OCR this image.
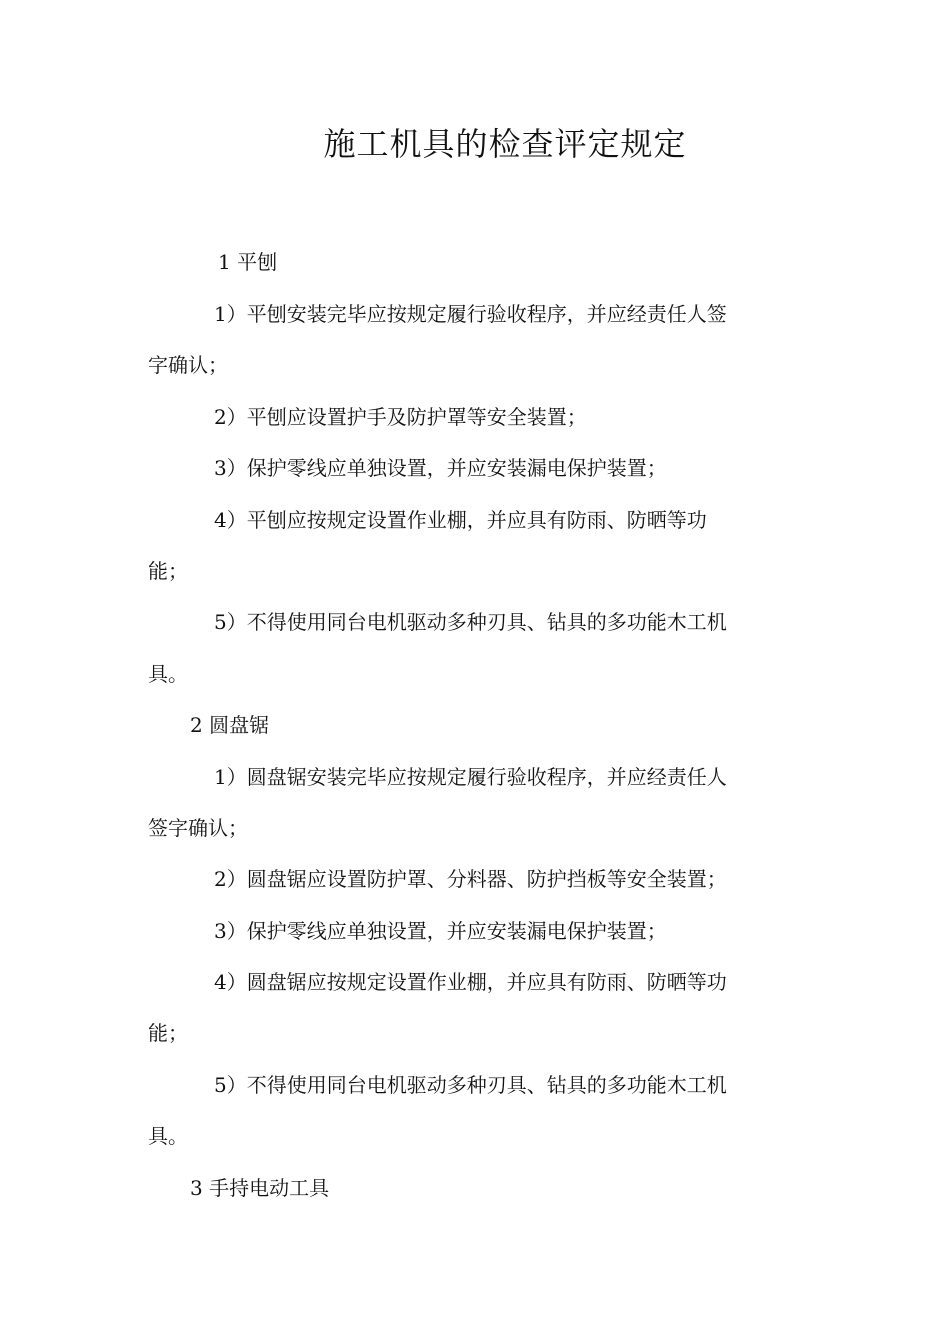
施工机具的检查评定规定
1 平刨
1）平刨安装完毕应按规定履行验收程序，并应经责任人签
字确认；
2）平刨应设置护手及防护罩等安全装置；
3）保护零线应单独设置，并应安装漏电保护装置；
4）平刨应按规定设置作业棚，并应具有防雨、防晒等功
能；
5）不得使用同台电机驱动多种刃具、钻具的多功能木工机
具。
2 圆盘锯
1）圆盘锯安装完毕应按规定履行验收程序，并应经责任人
签字确认；
2）圆盘锯应设置防护罩、分料器、防护挡板等安全装置；
3）保护零线应单独设置，并应安装漏电保护装置；
4）圆盘锯应按规定设置作业棚，并应具有防雨、防晒等功
能；
5）不得使用同台电机驱动多种刃具、钻具的多功能木工机
具。
3 手持电动工具
